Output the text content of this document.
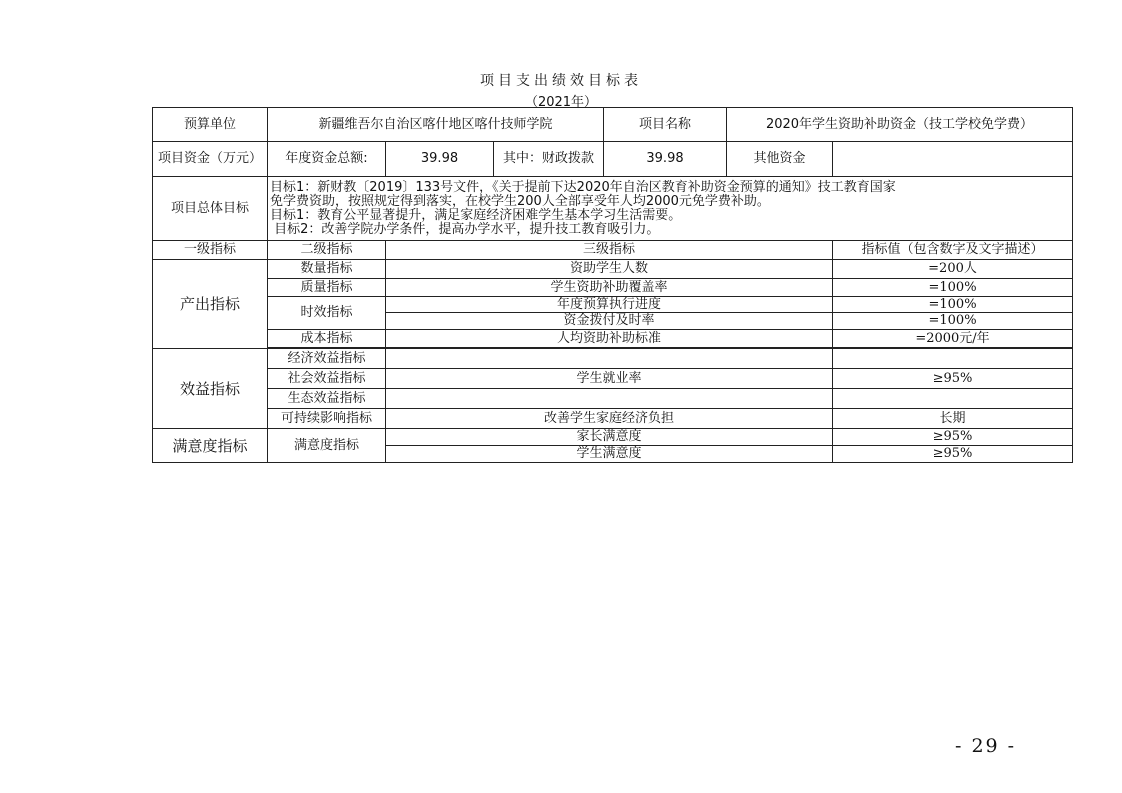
项目支出绩效目标表
（2021年）
预算单位	新疆维吾尔自治区喀什地区喀什技师学院			项目名称	2020年学生资助补助资金（技工学校免学费）	
项目资金（万元）	年度资金总额:	39.98	其中：财政拨款	39.98	其他资金	
项目总体目标	目标1：新财教〔2019〕133号文件，《关于提前下达2020年自治区教育补助资金预算的通知》技工教育国家
免学费资助，按照规定得到落实，在校学生200人全部享受年人均2000元免学费补助。
目标1：教育公平显著提升，满足家庭经济困难学生基本学习生活需要。
目标2：改善学院办学条件，提高办学水平，提升技工教育吸引力。					

一级指标	二级指标	三级指标				指标值（包含数字及文字描述）
产出指标	数量指标	资助学生人数				=200人
	质量指标	学生资助补助覆盖率				=100%
	时效指标	年度预算执行进度				=100%
		资金拨付及时率				=100%
	成本指标	人均资助补助标准				=2000元/年

效益指标	经济效益指标					
	社会效益指标	学生就业率				≥95%
	生态效益指标					
	可持续影响指标	改善学生家庭经济负担				长期
满意度指标	满意度指标	家长满意度				≥95%
		学生满意度				≥95%
- 29 -
